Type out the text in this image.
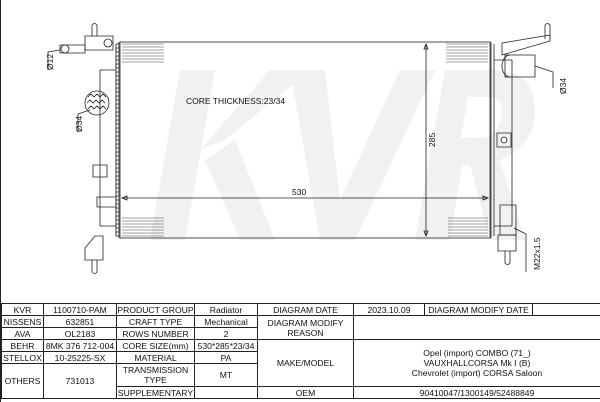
CORE THICKNESS:23/34
530
285
Ø12
Ø34
Ø34
M22x1.5
KVR	1100710-PAM	PRODUCT GROUP	Radiator	DIAGRAM DATE	2023.10.09	DIAGRAM MODIFY DATE	
NISSENS	632851	CRAFT TYPE	Mechanical	DIAGRAM MODIFY REASON			
AVA	OL2183	ROWS NUMBER	2				
BEHR	8MK 376 712-004	CORE SIZE(mm)	530*285*23/34	MAKE/MODEL	Opel (import) COMBO (71_)
VAUXHALLCORSA Mk I (B)
Chevrolet (import) CORSA Saloon		

STELLOX	10-25225-SX	MATERIAL	PA				
OTHERS	731013	TRANSMISSION TYPE	MT				
		SUPPLEMENTARY		OEM	90410047/1300149/52488849		
